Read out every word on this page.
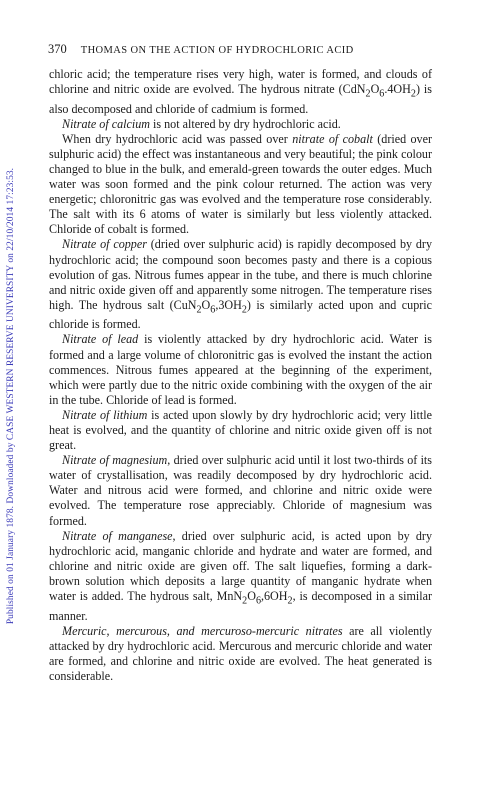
Published on 01 January 1878. Downloaded by CASE WESTERN RESERVE UNIVERSITY on 22/10/2014 17:23:53.
370 THOMAS ON THE ACTION OF HYDROCHLORIC ACID

chloric acid; the temperature rises very high, water is formed, and clouds of chlorine and nitric oxide are evolved. The hydrous nitrate $(CdN_2O_6.4OH_2)$ is also decomposed and chloride of cadmium is formed.

Nitrate of calcium is not altered by dry hydrochloric acid.

When dry hydrochloric acid was passed over nitrate of cobalt (dried over sulphuric acid) the effect was instantaneous and very beautiful; the pink colour changed to blue in the bulk, and emerald-green towards the outer edges. Much water was soon formed and the pink colour returned. The action was very energetic; chloronitric gas was evolved and the temperature rose considerably. The salt with its 6 atoms of water is similarly but less violently attacked. Chloride of cobalt is formed.

Nitrate of copper (dried over sulphuric acid) is rapidly decomposed by dry hydrochloric acid; the compound soon becomes pasty and there is a copious evolution of gas. Nitrous fumes appear in the tube, and there is much chlorine and nitric oxide given off and apparently some nitrogen. The temperature rises high. The hydrous salt $(CuN_2O_6,3OH_2)$ is similarly acted upon and cupric chloride is formed.

Nitrate of lead is violently attacked by dry hydrochloric acid. Water is formed and a large volume of chloronitric gas is evolved the instant the action commences. Nitrous fumes appeared at the beginning of the experiment, which were partly due to the nitric oxide combining with the oxygen of the air in the tube. Chloride of lead is formed.

Nitrate of lithium is acted upon slowly by dry hydrochloric acid; very little heat is evolved, and the quantity of chlorine and nitric oxide given off is not great.

Nitrate of magnesium, dried over sulphuric acid until it lost two-thirds of its water of crystallisation, was readily decomposed by dry hydrochloric acid. Water and nitrous acid were formed, and chlorine and nitric oxide were evolved. The temperature rose appreciably. Chloride of magnesium was formed.

Nitrate of manganese, dried over sulphuric acid, is acted upon by dry hydrochloric acid, manganic chloride and hydrate and water are formed, and chlorine and nitric oxide are given off. The salt liquefies, forming a dark-brown solution which deposits a large quantity of manganic hydrate when water is added. The hydrous salt, $MnN_2O_6,6OH_2$, is decomposed in a similar manner.

Mercuric, mercurous, and mercuroso-mercuric nitrates are all violently attacked by dry hydrochloric acid. Mercurous and mercuric chloride and water are formed, and chlorine and nitric oxide are evolved. The heat generated is considerable.
